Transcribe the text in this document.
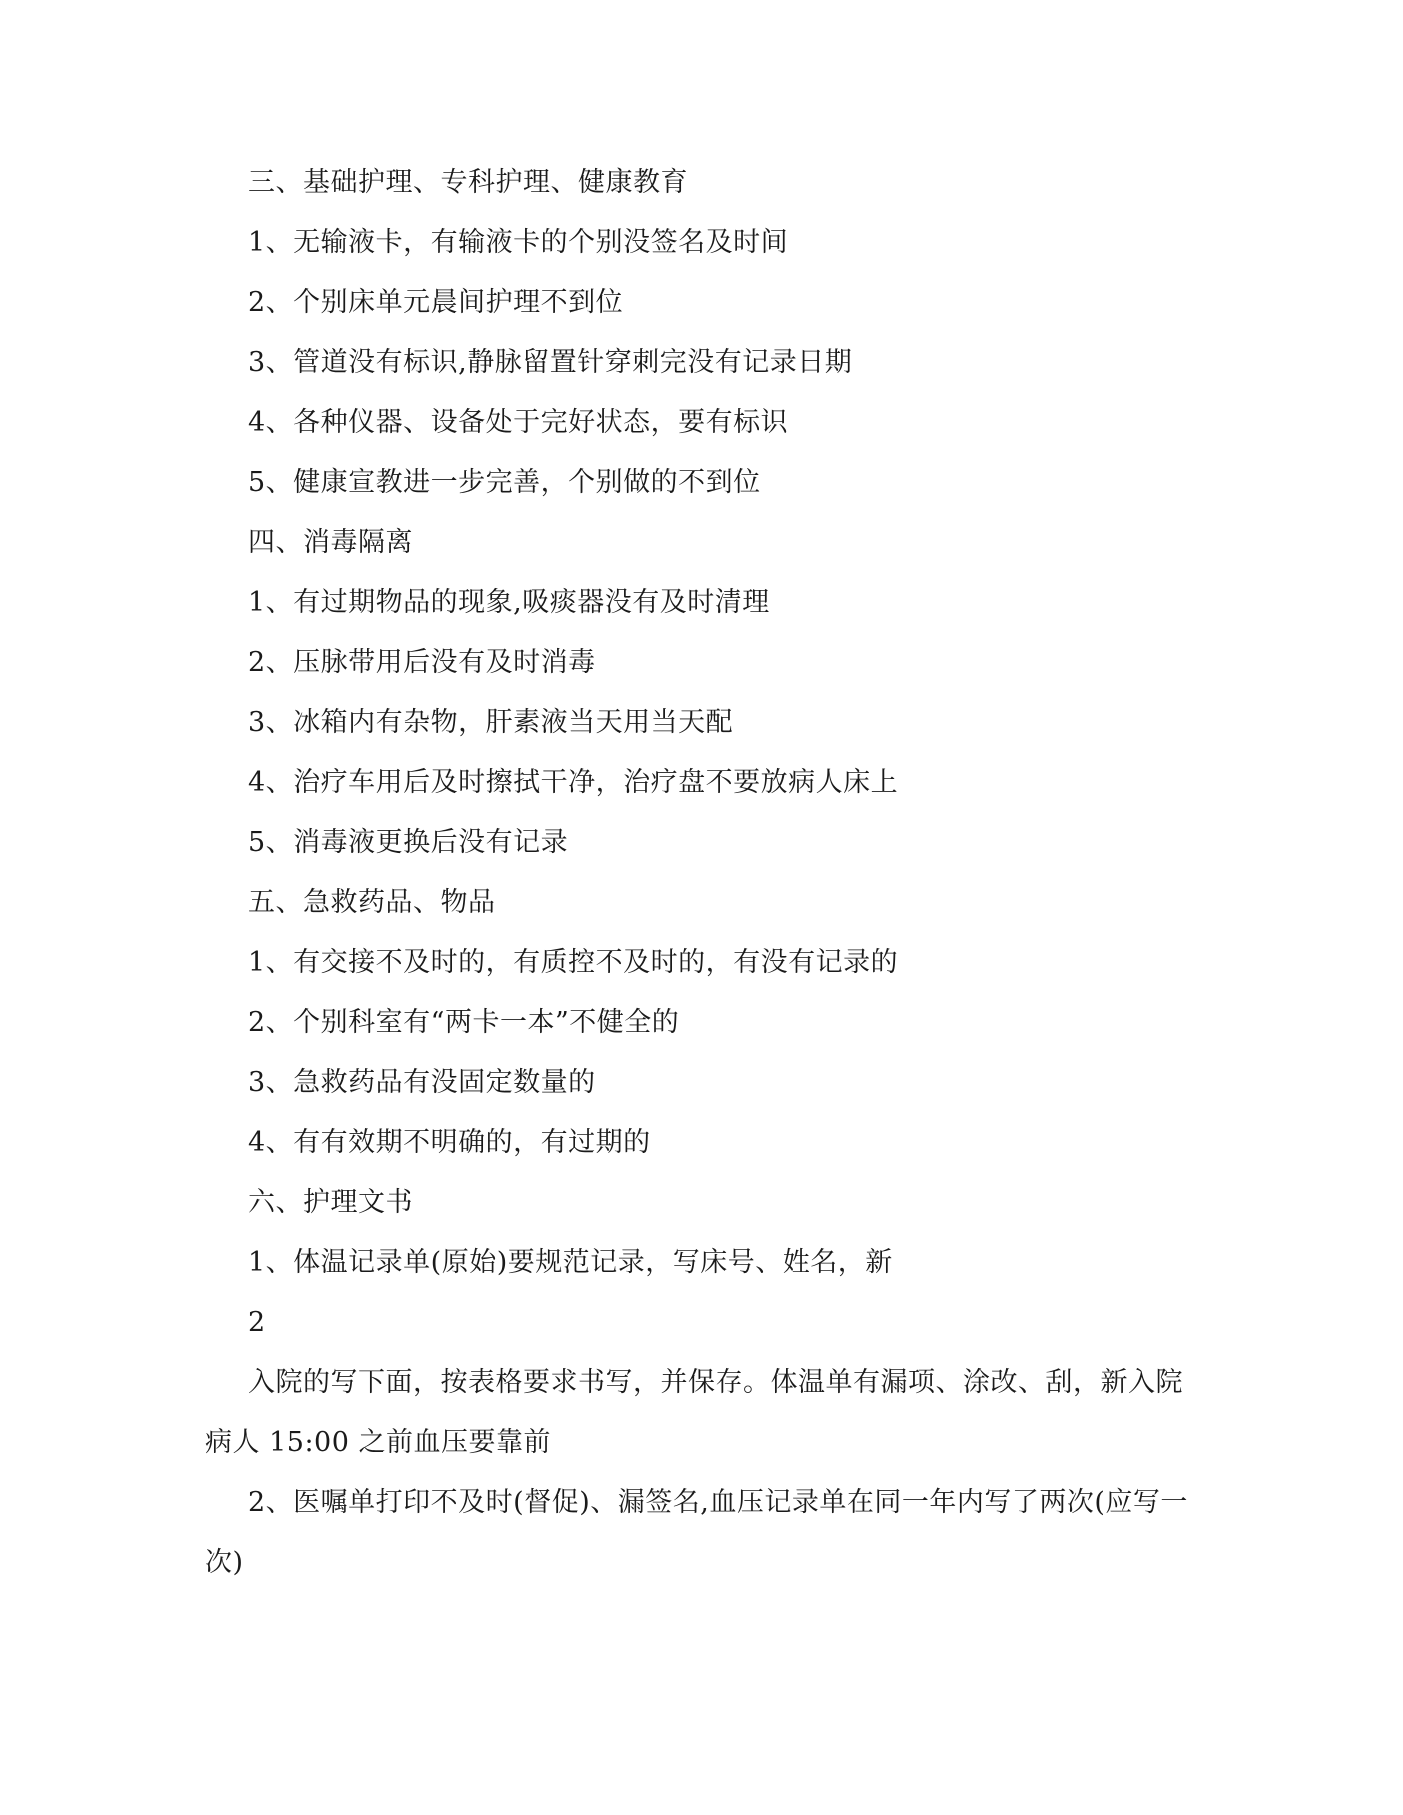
三、基础护理、专科护理、健康教育
1、无输液卡，有输液卡的个别没签名及时间
2、个别床单元晨间护理不到位
3、管道没有标识,静脉留置针穿刺完没有记录日期
4、各种仪器、设备处于完好状态，要有标识
5、健康宣教进一步完善，个别做的不到位
四、消毒隔离
1、有过期物品的现象,吸痰器没有及时清理
2、压脉带用后没有及时消毒
3、冰箱内有杂物，肝素液当天用当天配
4、治疗车用后及时擦拭干净，治疗盘不要放病人床上
5、消毒液更换后没有记录
五、急救药品、物品
1、有交接不及时的，有质控不及时的，有没有记录的
2、个别科室有“两卡一本”不健全的
3、急救药品有没固定数量的
4、有有效期不明确的，有过期的
六、护理文书
1、体温记录单(原始)要规范记录，写床号、姓名，新
2
入院的写下面，按表格要求书写，并保存。体温单有漏项、涂改、刮，新入院病人 15:00 之前血压要靠前
2、医嘱单打印不及时(督促)、漏签名,血压记录单在同一年内写了两次(应写一次)
